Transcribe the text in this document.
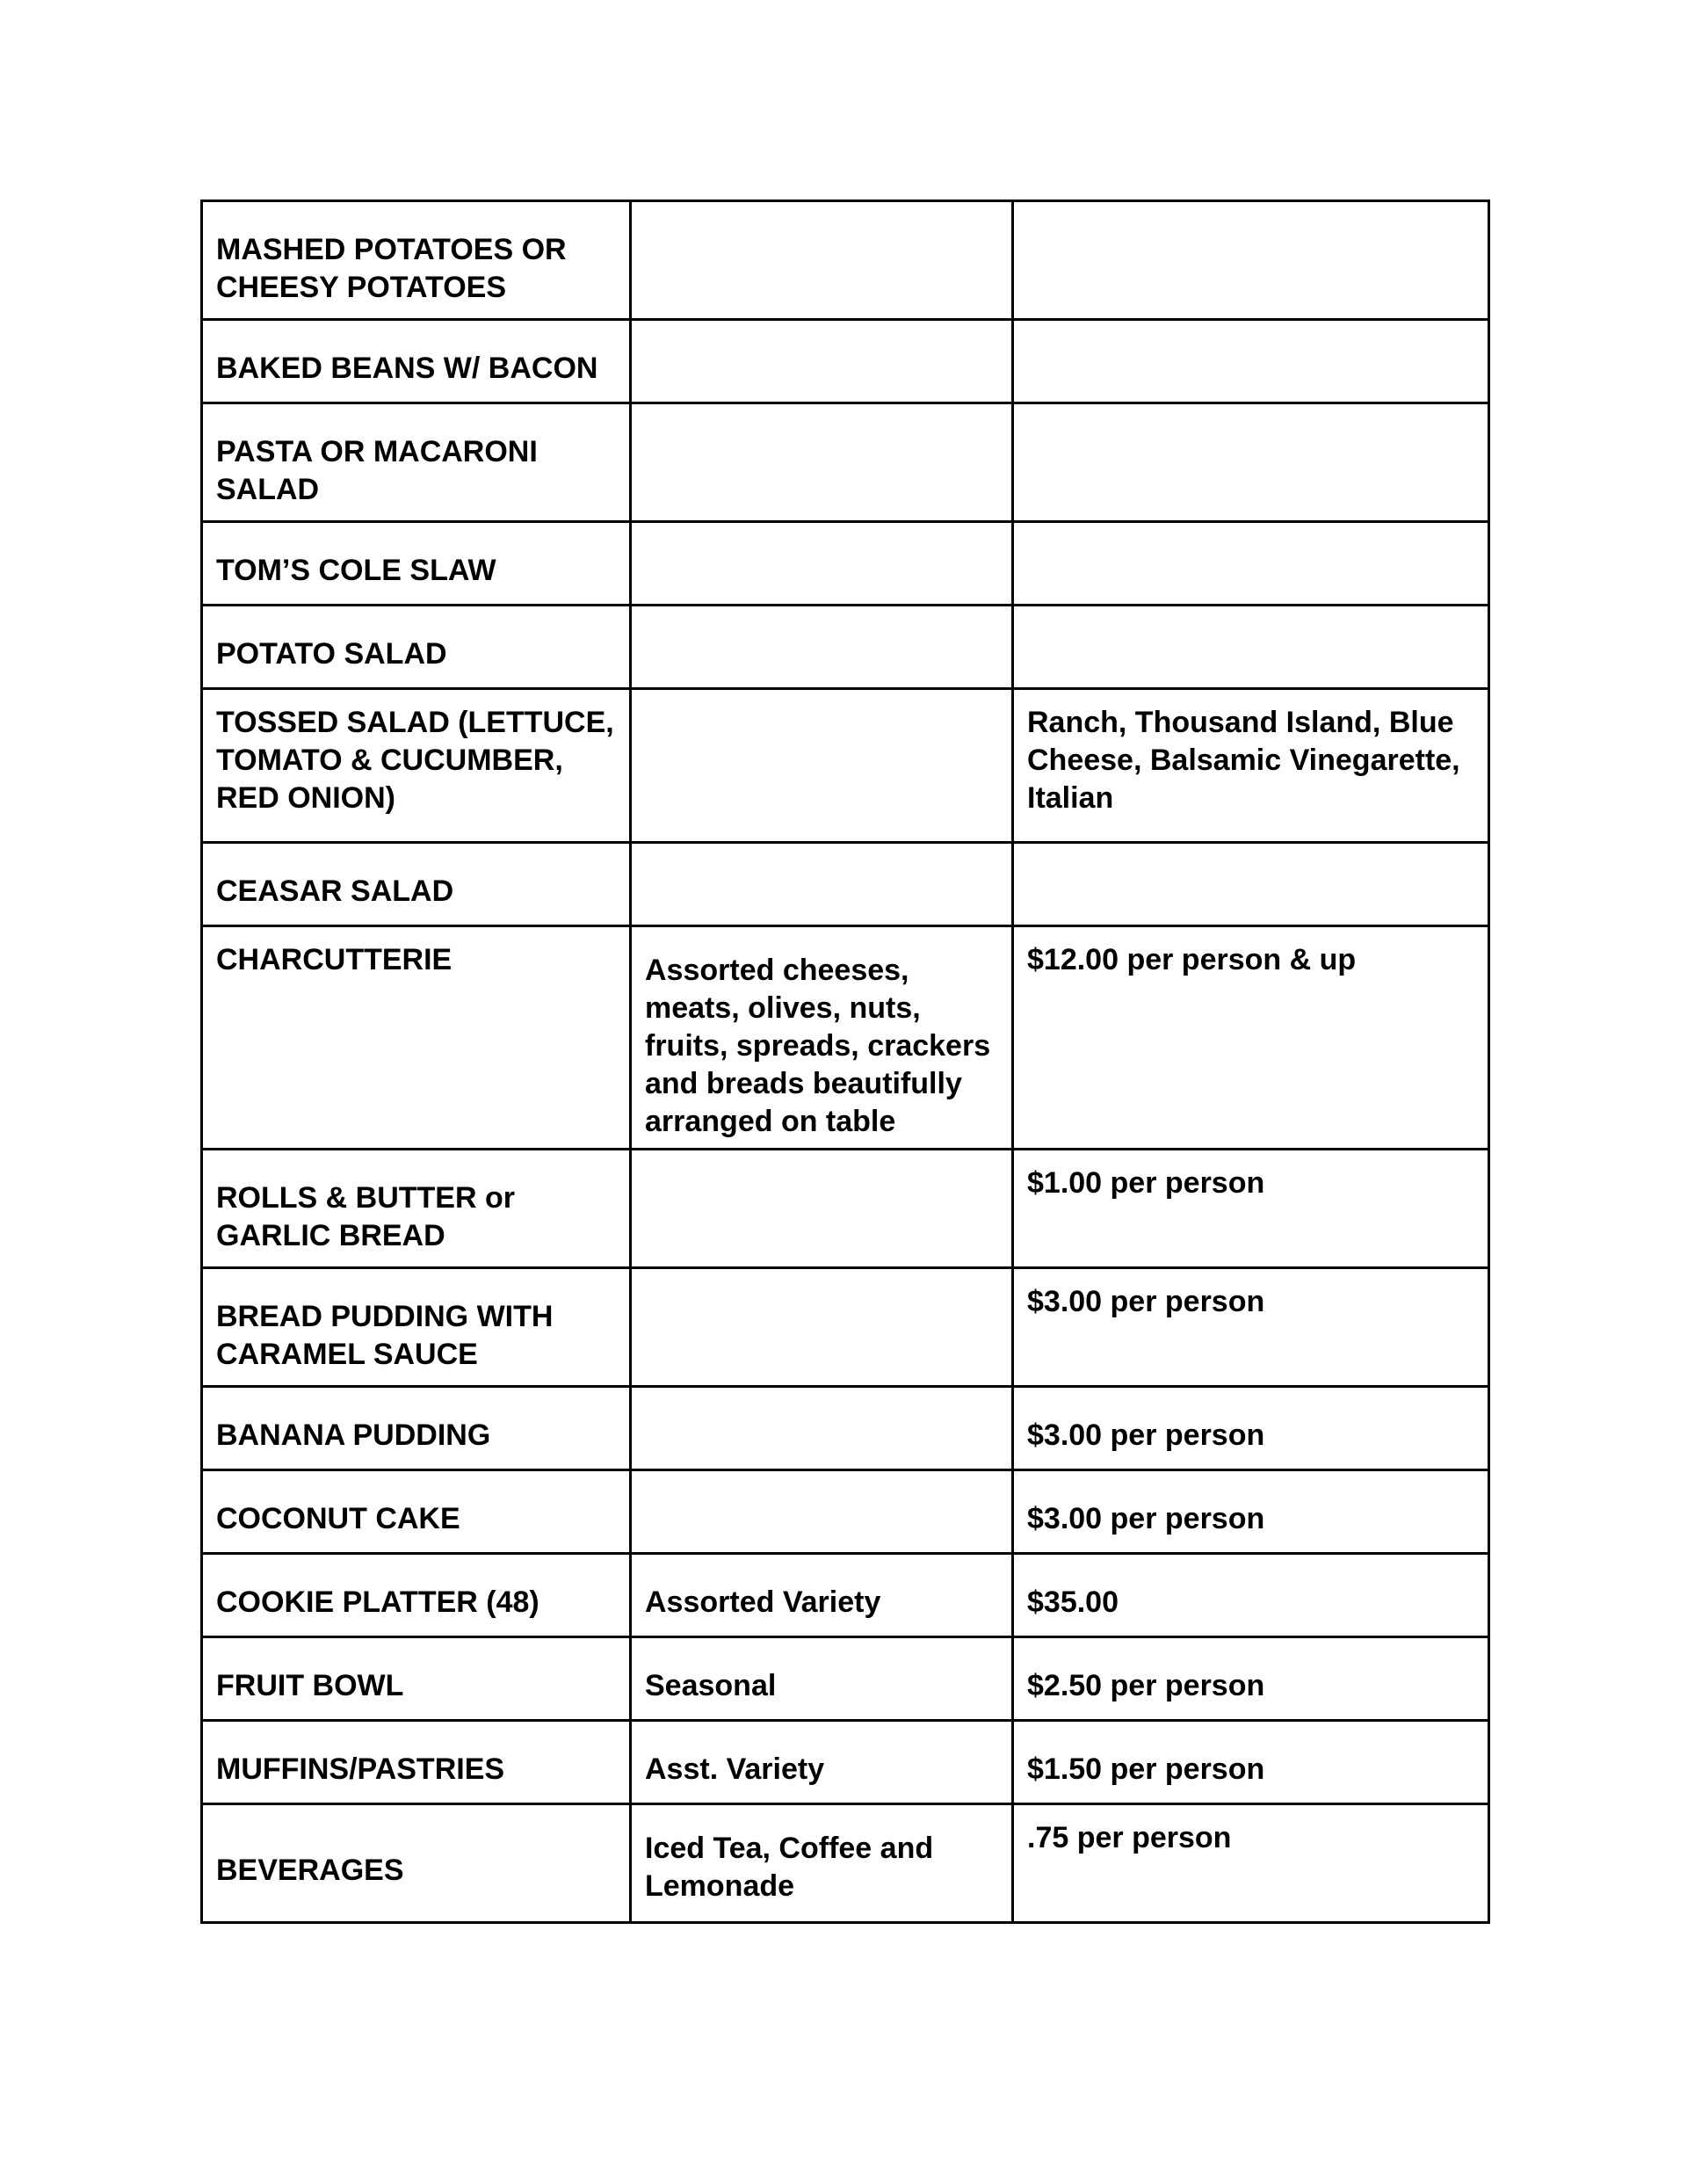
MASHED POTATOES OR CHEESY POTATOES		

BAKED BEANS W/ BACON		

PASTA OR MACARONI SALAD		

TOM’S COLE SLAW		

POTATO SALAD		

TOSSED SALAD (LETTUCE, TOMATO & CUCUMBER, RED ONION)		Ranch, Thousand Island, Blue Cheese, Balsamic Vinegarette, Italian

CEASAR SALAD		

CHARCUTTERIE	Assorted cheeses, meats, olives, nuts, fruits, spreads, crackers and breads beautifully arranged on table	$12.00 per person & up

ROLLS & BUTTER or GARLIC BREAD		$1.00 per person

BREAD PUDDING WITH CARAMEL SAUCE		$3.00 per person

BANANA PUDDING		$3.00 per person

COCONUT CAKE		$3.00 per person

COOKIE PLATTER (48)	Assorted Variety	$35.00

FRUIT BOWL	Seasonal	$2.50 per person

MUFFINS/PASTRIES	Asst. Variety	$1.50 per person

BEVERAGES	Iced Tea, Coffee and Lemonade	.75 per person
